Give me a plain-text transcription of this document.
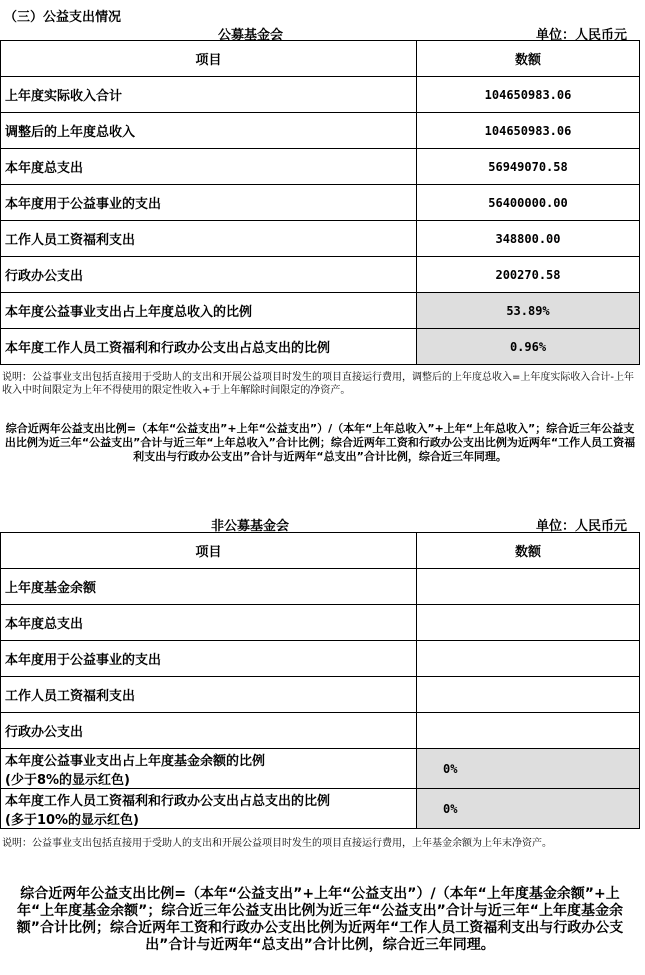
（三）公益支出情况
公募基金会	单位：人民币元
项目	数额
上年度实际收入合计	104650983.06
调整后的上年度总收入	104650983.06
本年度总支出	56949070.58
本年度用于公益事业的支出	56400000.00
工作人员工资福利支出	348800.00
行政办公支出	200270.58
本年度公益事业支出占上年度总收入的比例	53.89%
本年度工作人员工资福利和行政办公支出占总支出的比例	0.96%
说明：公益事业支出包括直接用于受助人的支出和开展公益项目时发生的项目直接运行费用，调整后的上年度总收入=上年度实际收入合计-上年收入中时间限定为上年不得使用的限定性收入+于上年解除时间限定的净资产。
综合近两年公益支出比例=（本年“公益支出”+上年“公益支出”）/（本年“上年总收入”+上年“上年总收入”；综合近三年公益支出比例为近三年“公益支出”合计与近三年“上年总收入”合计比例；综合近两年工资和行政办公支出比例为近两年“工作人员工资福利支出与行政办公支出”合计与近两年“总支出”合计比例，综合近三年同理。
非公募基金会	单位：人民币元
项目	数额
上年度基金余额	
本年度总支出	
本年度用于公益事业的支出	
工作人员工资福利支出	
行政办公支出	

本年度公益事业支出占上年度基金余额的比例
(少于8%的显示红色)	0%

本年度工作人员工资福利和行政办公支出占总支出的比例
(多于10%的显示红色)	0%
说明：公益事业支出包括直接用于受助人的支出和开展公益项目时发生的项目直接运行费用，上年基金余额为上年末净资产。
综合近两年公益支出比例=（本年“公益支出”+上年“公益支出”）/（本年“上年度基金余额”+上年“上年度基金余额”；综合近三年公益支出比例为近三年“公益支出”合计与近三年“上年度基金余额”合计比例；综合近两年工资和行政办公支出比例为近两年“工作人员工资福利支出与行政办公支出”合计与近两年“总支出”合计比例，综合近三年同理。
